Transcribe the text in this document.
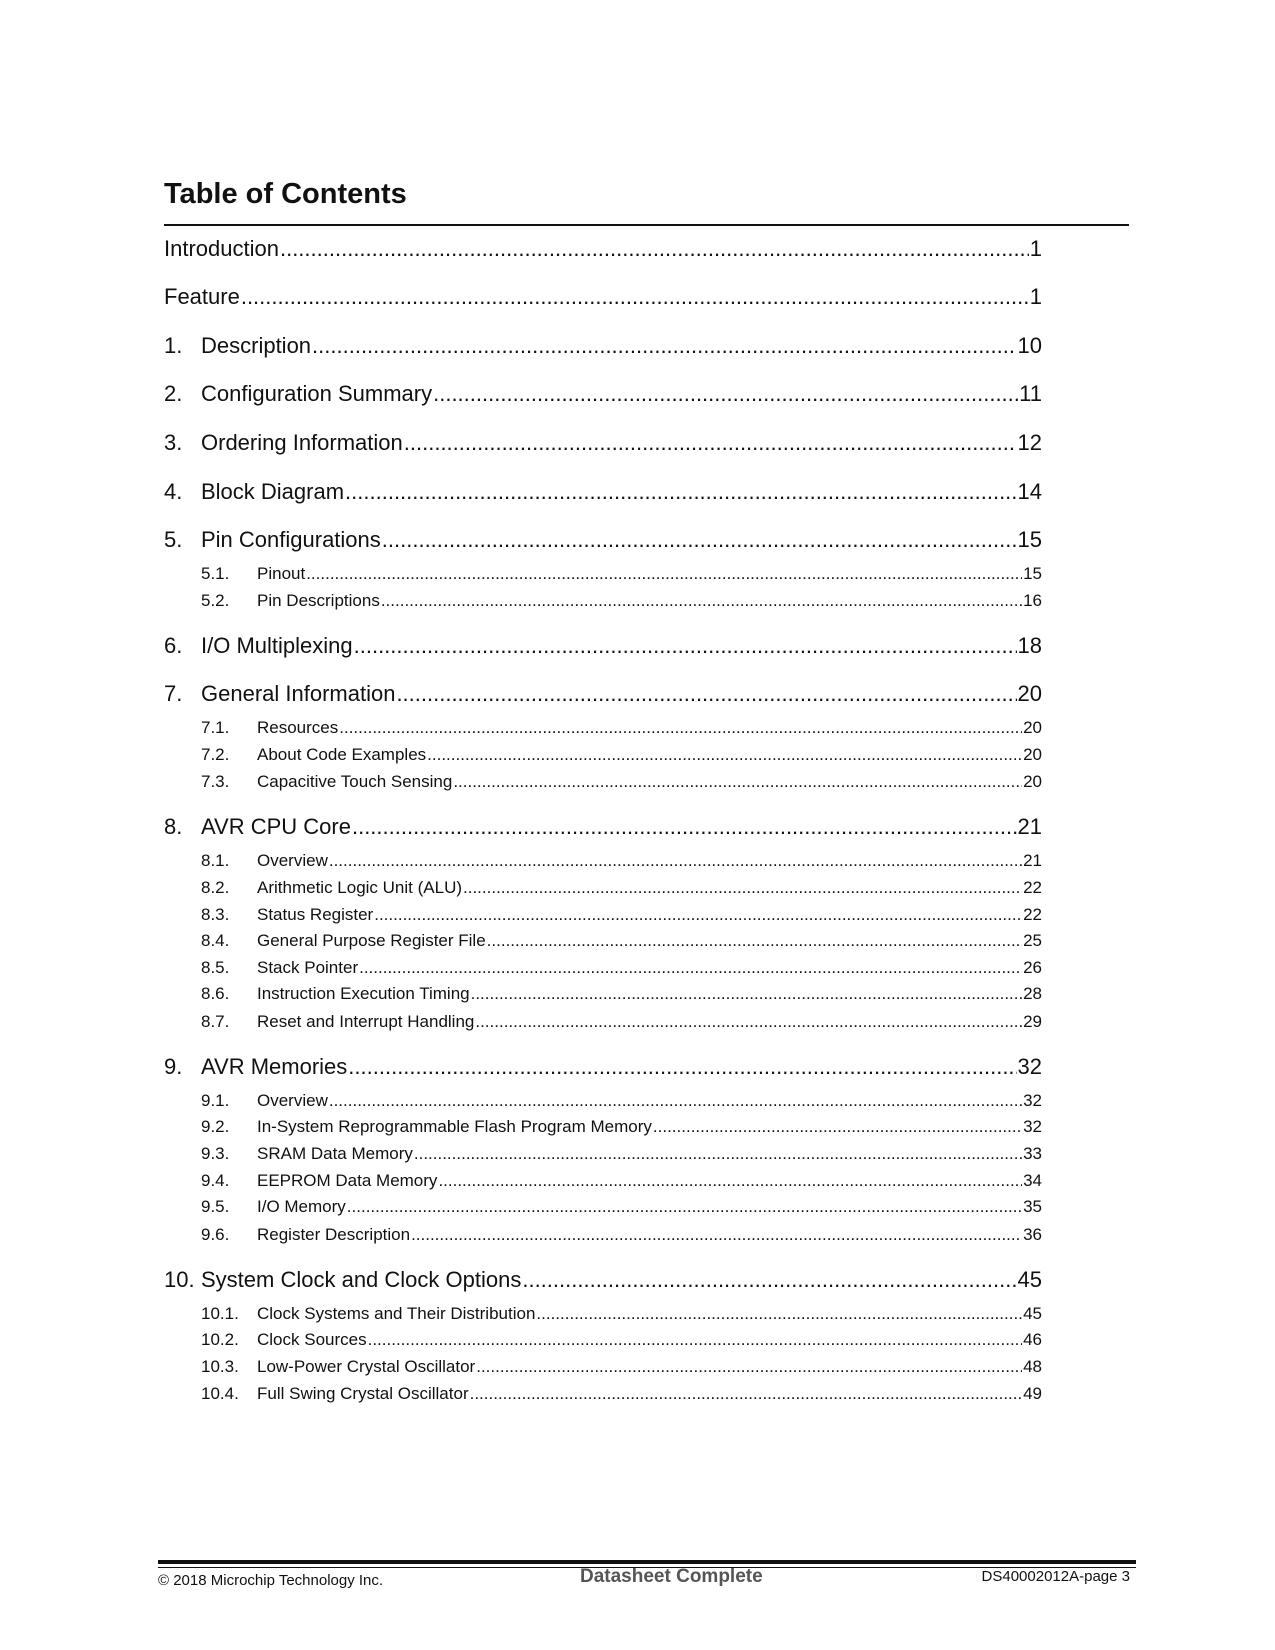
Table of Contents
Introduction .....	1
Feature .....	1
1. Description .....	10
2. Configuration Summary .....	11
3. Ordering Information .....	12
4. Block Diagram .....	14
5. Pin Configurations .....	15
5.1.	Pinout .....	15
5.2.	Pin Descriptions .....	16
6. I/O Multiplexing .....	18
7. General Information .....	20
7.1.	Resources .....	20
7.2.	About Code Examples .....	20
7.3.	Capacitive Touch Sensing .....	20
8. AVR CPU Core .....	21
8.1.	Overview .....	21
8.2.	Arithmetic Logic Unit (ALU) .....	22
8.3.	Status Register .....	22
8.4.	General Purpose Register File .....	25
8.5.	Stack Pointer .....	26
8.6.	Instruction Execution Timing .....	28
8.7.	Reset and Interrupt Handling .....	29
9. AVR Memories .....	32
9.1.	Overview .....	32
9.2.	In-System Reprogrammable Flash Program Memory .....	32
9.3.	SRAM Data Memory .....	33
9.4.	EEPROM Data Memory .....	34
9.5.	I/O Memory .....	35
9.6.	Register Description .....	36
10. System Clock and Clock Options .....	45
10.1.	Clock Systems and Their Distribution .....	45
10.2.	Clock Sources .....	46
10.3.	Low-Power Crystal Oscillator .....	48
10.4.	Full Swing Crystal Oscillator .....	49
© 2018 Microchip Technology Inc.	Datasheet Complete	DS40002012A-page 3
